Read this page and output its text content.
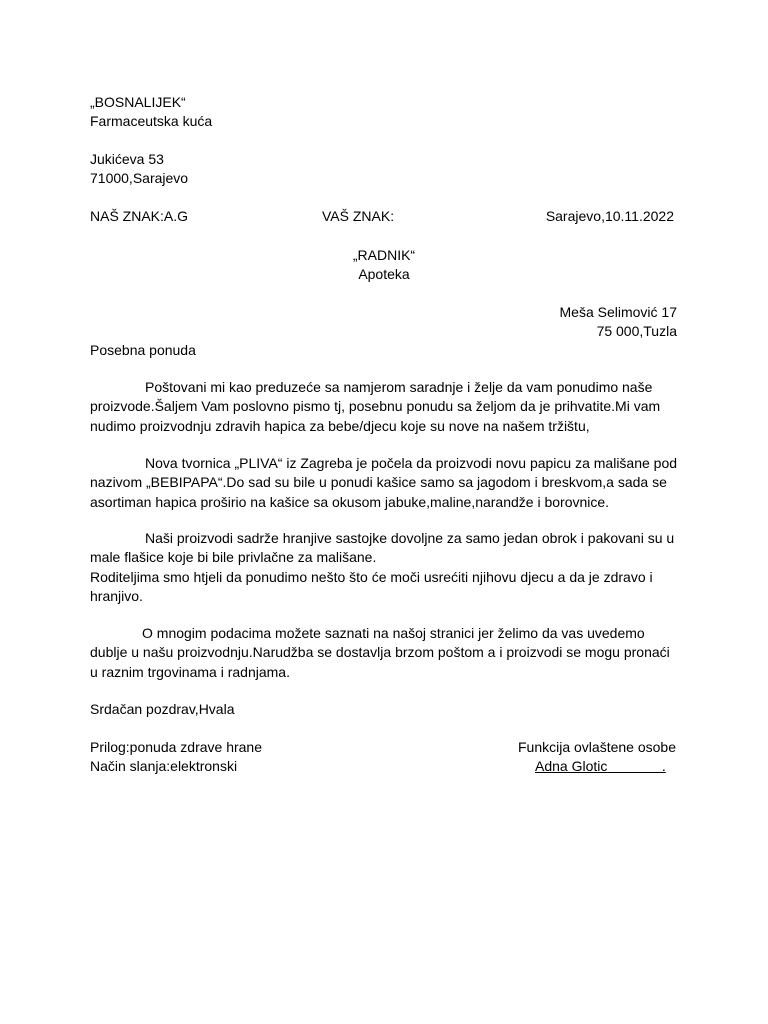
„BOSNALIJEK“
Farmaceutska kuća
Jukićeva 53
71000,Sarajevo
NAŠ ZNAK:A.G	VAŠ ZNAK:	Sarajevo,10.11.2022
„RADNIK“
Apoteka
Meša Selimović 17
75 000,Tuzla
Posebna ponuda
Poštovani mi kao preduzeće sa namjerom saradnje i želje da vam ponudimo naše proizvode.Šaljem Vam poslovno pismo tj, posebnu ponudu sa željom da je prihvatite.Mi vam nudimo proizvodnju zdravih hapica za bebe/djecu koje su nove na našem tržištu,
Nova tvornica „PLIVA“ iz Zagreba je počela da proizvodi novu papicu za mališane pod nazivom „BEBIPAPA“.Do sad su bile u ponudi kašice samo sa jagodom i breskvom,a sada se asortiman hapica proširio na kašice sa okusom jabuke,maline,narandže i borovnice.
Naši proizvodi sadrže hranjive sastojke dovoljne za samo jedan obrok i pakovani su u male flašice koje bi bile privlačne za mališane.
Roditeljima smo htjeli da ponudimo nešto što će moči usrećiti njihovu djecu a da je zdravo i hranjivo.
O mnogim podacima možete saznati na našoj stranici jer želimo da vas uvedemo dublje u našu proizvodnju.Narudžba se dostavlja brzom poštom a i proizvodi se mogu pronaći u raznim trgovinama i radnjama.
Srdačan pozdrav,Hvala
Prilog:ponuda zdrave hrane
Način slanja:elektronski
Funkcija ovlaštene osobe
Adna Glotic              .
